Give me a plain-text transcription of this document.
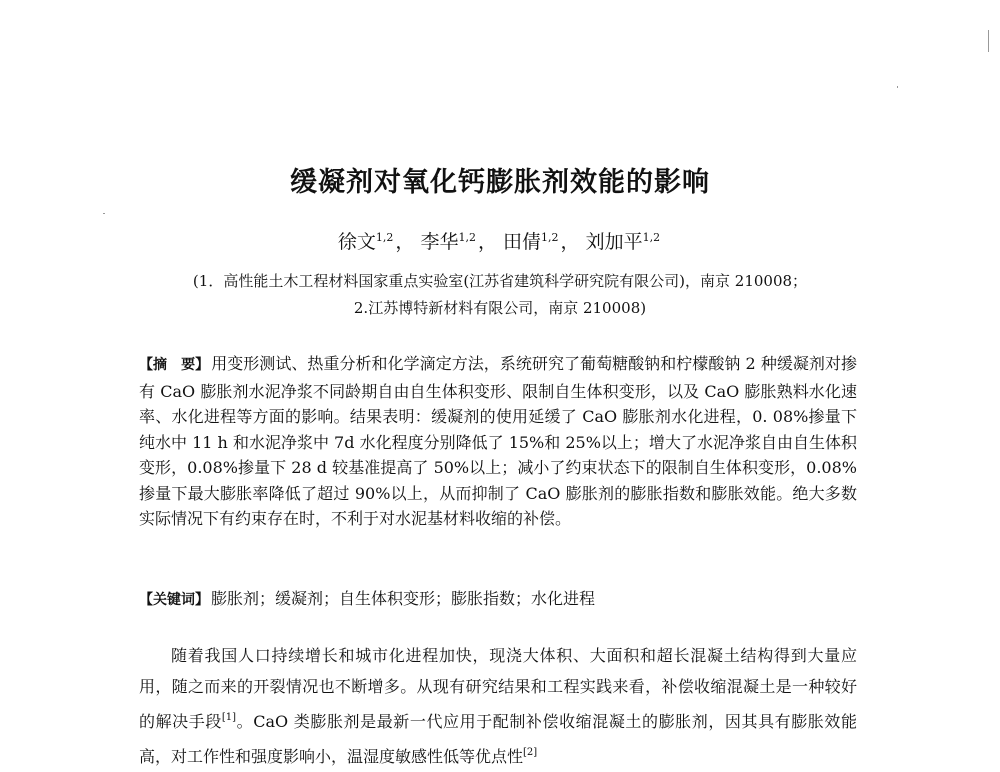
缓凝剂对氧化钙膨胀剂效能的影响
徐文$^{1,2}$ ， 李华$^{1,2}$ ， 田倩$^{1,2}$ ， 刘加平$^{1,2}$
(1．高性能土木工程材料国家重点实验室(江苏省建筑科学研究院有限公司)，南京 210008；
2.江苏博特新材料有限公司，南京 210008)
【摘　要】 用变形测试、热重分析和化学滴定方法，系统研究了葡萄糖酸钠和柠檬酸钠 2 种缓凝剂对掺有 CaO 膨胀剂水泥净浆不同龄期自由自生体积变形、限制自生体积变形，以及 CaO 膨胀熟料水化速率、水化进程等方面的影响。结果表明：缓凝剂的使用延缓了 CaO 膨胀剂水化进程，0. 08%掺量下纯水中 11 h 和水泥净浆中 7d 水化程度分别降低了 15%和 25%以上；增大了水泥净浆自由自生体积变形，0.08%掺量下 28 d 较基准提高了 50%以上；减小了约束状态下的限制自生体积变形，0.08%掺量下最大膨胀率降低了超过 90%以上，从而抑制了 CaO 膨胀剂的膨胀指数和膨胀效能。绝大多数实际情况下有约束存在时，不利于对水泥基材料收缩的补偿。
【关键词】 膨胀剂；缓凝剂；自生体积变形；膨胀指数；水化进程
随着我国人口持续增长和城市化进程加快，现浇大体积、大面积和超长混凝土结构得到大量应用，随之而来的开裂情况也不断增多。从现有研究结果和工程实践来看，补偿收缩混凝土是一种较好的解决手段[1]。CaO 类膨胀剂是最新一代应用于配制补偿收缩混凝土的膨胀剂，因其具有膨胀效能高，对工作性和强度影响小，温湿度敏感性低等优点性[2]
